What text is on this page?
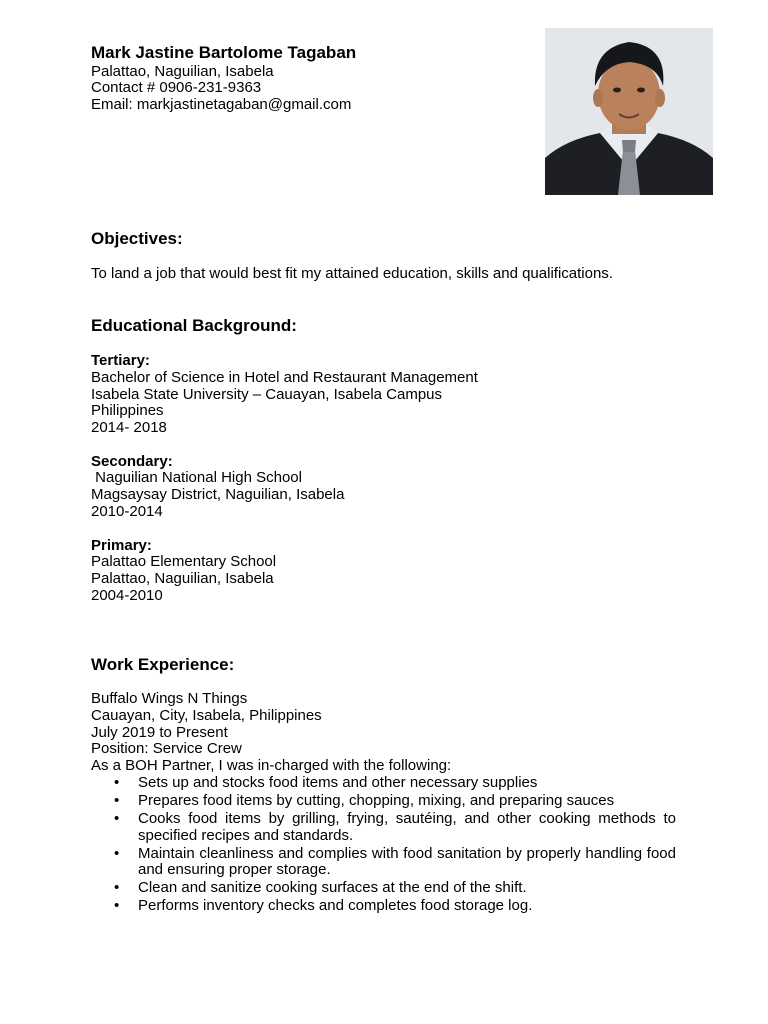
Mark Jastine Bartolome Tagaban
Palattao, Naguilian, Isabela
Contact # 0906-231-9363
Email: markjastinetagaban@gmail.com
Objectives:
To land a job that would best fit my attained education, skills and qualifications.
Educational Background:
Tertiary:
Bachelor of Science in Hotel and Restaurant Management
Isabela State University – Cauayan, Isabela Campus
Philippines
2014- 2018
Secondary:
Naguilian National High School
Magsaysay District, Naguilian, Isabela
2010-2014
Primary:
Palattao Elementary School
Palattao, Naguilian, Isabela
2004-2010
Work Experience:
Buffalo Wings N Things
Cauayan, City, Isabela, Philippines
July 2019 to Present
Position: Service Crew
As a BOH Partner, I was in-charged with the following:
• Sets up and stocks food items and other necessary supplies
• Prepares food items by cutting, chopping, mixing, and preparing sauces
• Cooks food items by grilling, frying, sautéing, and other cooking methods to specified recipes and standards.
• Maintain cleanliness and complies with food sanitation by properly handling food and ensuring proper storage.
• Clean and sanitize cooking surfaces at the end of the shift.
• Performs inventory checks and completes food storage log.
